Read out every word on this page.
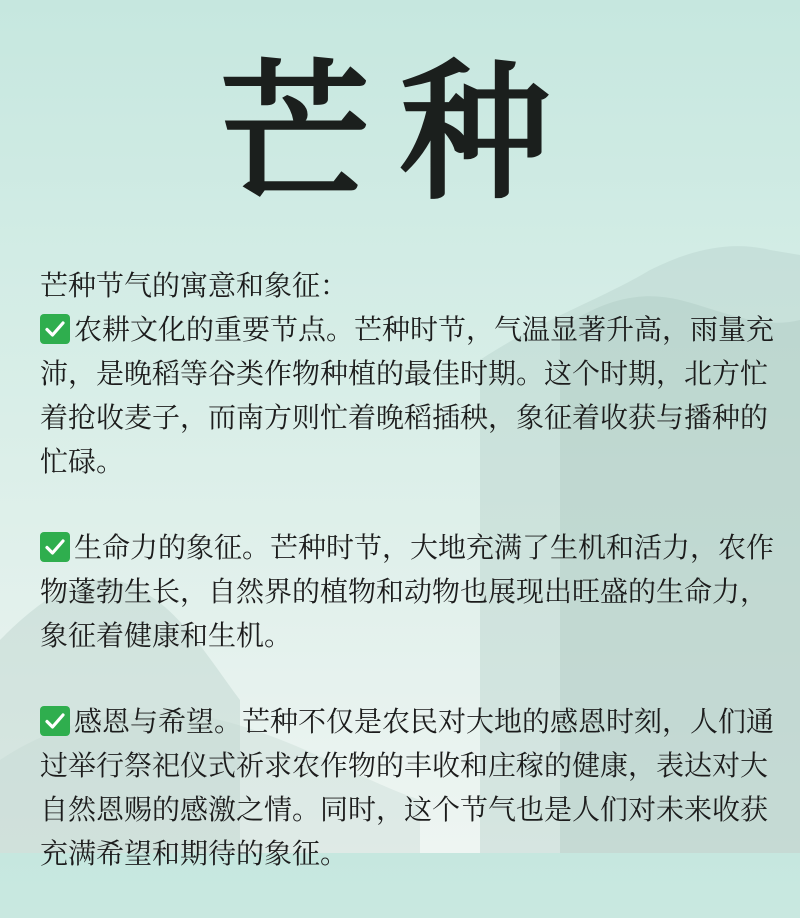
芒种

芒种节气的寓意和象征：

农耕文化的重要节点。芒种时节，气温显著升高，雨量充沛，是晚稻等谷类作物种植的最佳时期。这个时期，北方忙着抢收麦子，而南方则忙着晚稻插秧，象征着收获与播种的忙碌。

生命力的象征。芒种时节，大地充满了生机和活力，农作物蓬勃生长，自然界的植物和动物也展现出旺盛的生命力，象征着健康和生机。

感恩与希望。芒种不仅是农民对大地的感恩时刻，人们通过举行祭祀仪式祈求农作物的丰收和庄稼的健康，表达对大自然恩赐的感激之情。同时，这个节气也是人们对未来收获充满希望和期待的象征。
